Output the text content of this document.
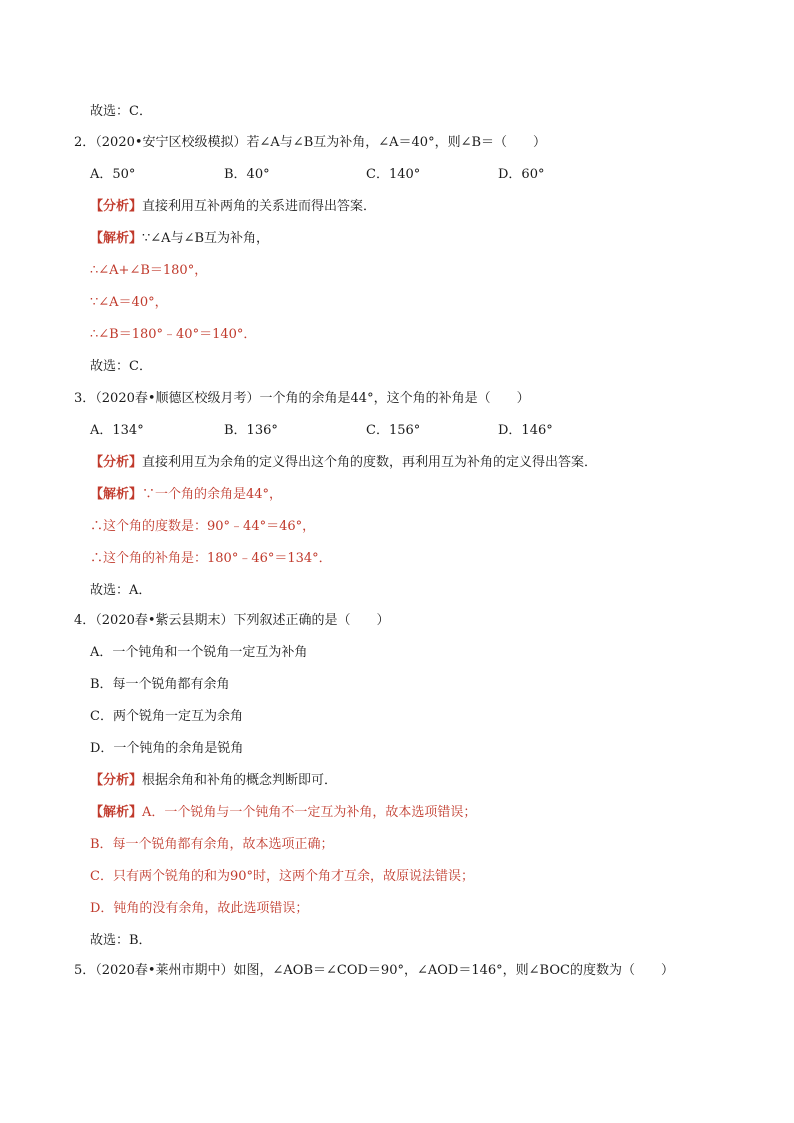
故选：C．
2．（2020•安宁区校级模拟）若∠A与∠B互为补角，∠A＝40°，则∠B＝（　　）
A．50°	B．40°	C．140°	D．60°
【分析】直接利用互补两角的关系进而得出答案．
【解析】∵∠A与∠B互为补角，
∴∠A+∠B＝180°，
∵∠A＝40°，
∴∠B＝180°﹣40°＝140°．
故选：C．
3．（2020春•顺德区校级月考）一个角的余角是44°，这个角的补角是（　　）
A．134°	B．136°	C．156°	D．146°
【分析】直接利用互为余角的定义得出这个角的度数，再利用互为补角的定义得出答案．
【解析】∵一个角的余角是44°，
∴这个角的度数是：90°﹣44°＝46°，
∴这个角的补角是：180°﹣46°＝134°．
故选：A．
4．（2020春•紫云县期末）下列叙述正确的是（　　）
A．一个钝角和一个锐角一定互为补角
B．每一个锐角都有余角
C．两个锐角一定互为余角
D．一个钝角的余角是锐角
【分析】根据余角和补角的概念判断即可．
【解析】A．一个锐角与一个钝角不一定互为补角，故本选项错误；
B．每一个锐角都有余角，故本选项正确；
C．只有两个锐角的和为90°时，这两个角才互余，故原说法错误；
D．钝角的没有余角，故此选项错误；
故选：B．
5．（2020春•莱州市期中）如图，∠AOB＝∠COD＝90°，∠AOD＝146°，则∠BOC的度数为（　　）
